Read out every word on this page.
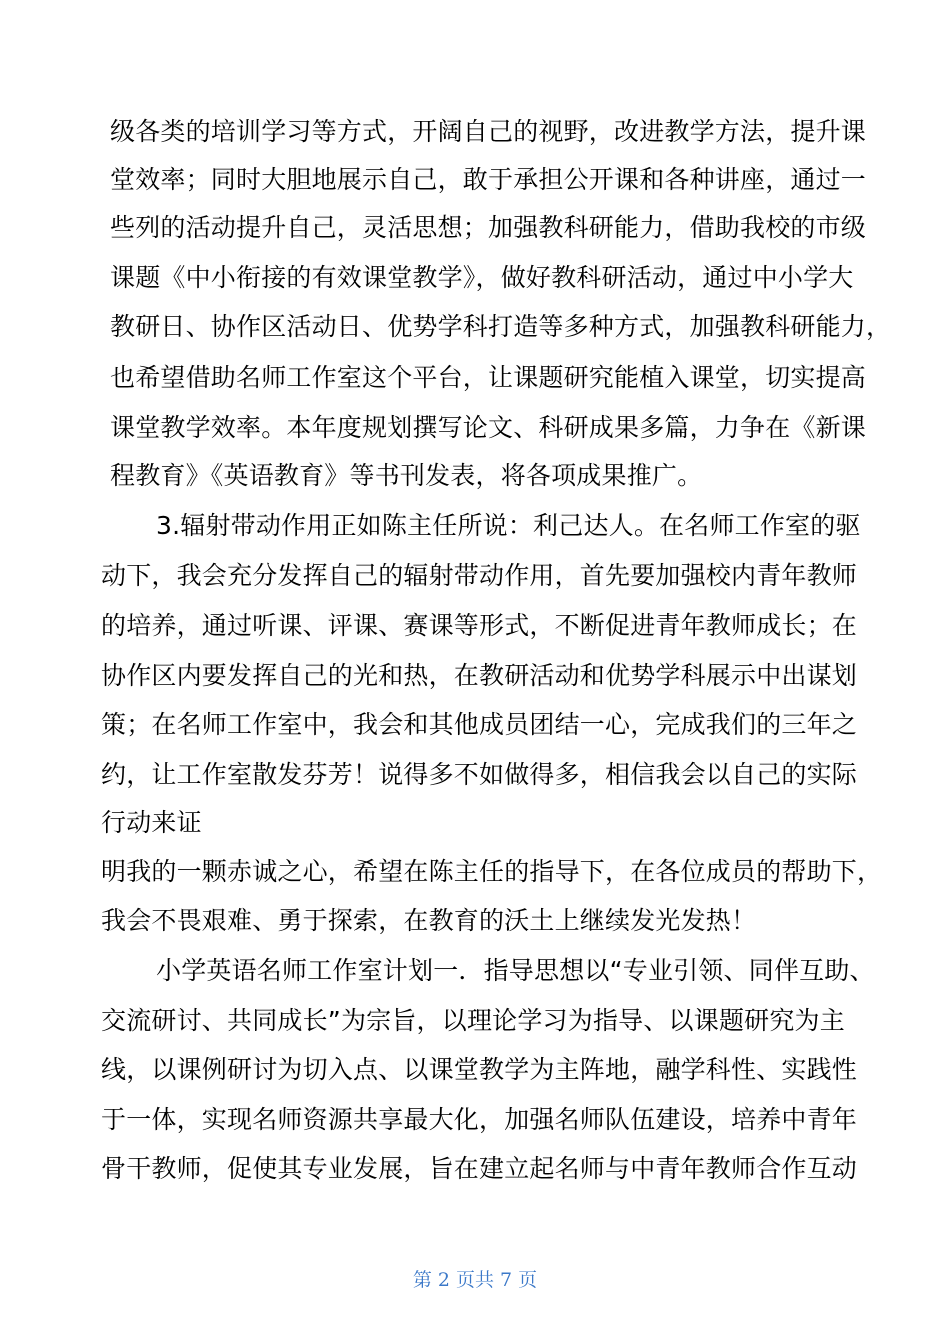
级各类的培训学习等方式，开阔自己的视野，改进教学方法，提升课
堂效率；同时大胆地展示自己，敢于承担公开课和各种讲座，通过一
些列的活动提升自己，灵活思想；加强教科研能力，借助我校的市级
课题《中小衔接的有效课堂教学》，做好教科研活动，通过中小学大
教研日、协作区活动日、优势学科打造等多种方式，加强教科研能力，
也希望借助名师工作室这个平台，让课题研究能植入课堂，切实提高
课堂教学效率。本年度规划撰写论文、科研成果多篇，力争在《新课
程教育》《英语教育》等书刊发表，将各项成果推广。
3.辐射带动作用正如陈主任所说：利己达人。在名师工作室的驱
动下，我会充分发挥自己的辐射带动作用，首先要加强校内青年教师
的培养，通过听课、评课、赛课等形式，不断促进青年教师成长；在
协作区内要发挥自己的光和热，在教研活动和优势学科展示中出谋划
策；在名师工作室中，我会和其他成员团结一心，完成我们的三年之
约，让工作室散发芬芳！说得多不如做得多，相信我会以自己的实际
行动来证
明我的一颗赤诚之心，希望在陈主任的指导下，在各位成员的帮助下，
我会不畏艰难、勇于探索，在教育的沃土上继续发光发热！
小学英语名师工作室计划一．指导思想以“专业引领、同伴互助、
交流研讨、共同成长”为宗旨，以理论学习为指导、以课题研究为主
线，以课例研讨为切入点、以课堂教学为主阵地，融学科性、实践性
于一体，实现名师资源共享最大化，加强名师队伍建设，培养中青年
骨干教师，促使其专业发展，旨在建立起名师与中青年教师合作互动
第 2 页共 7 页
